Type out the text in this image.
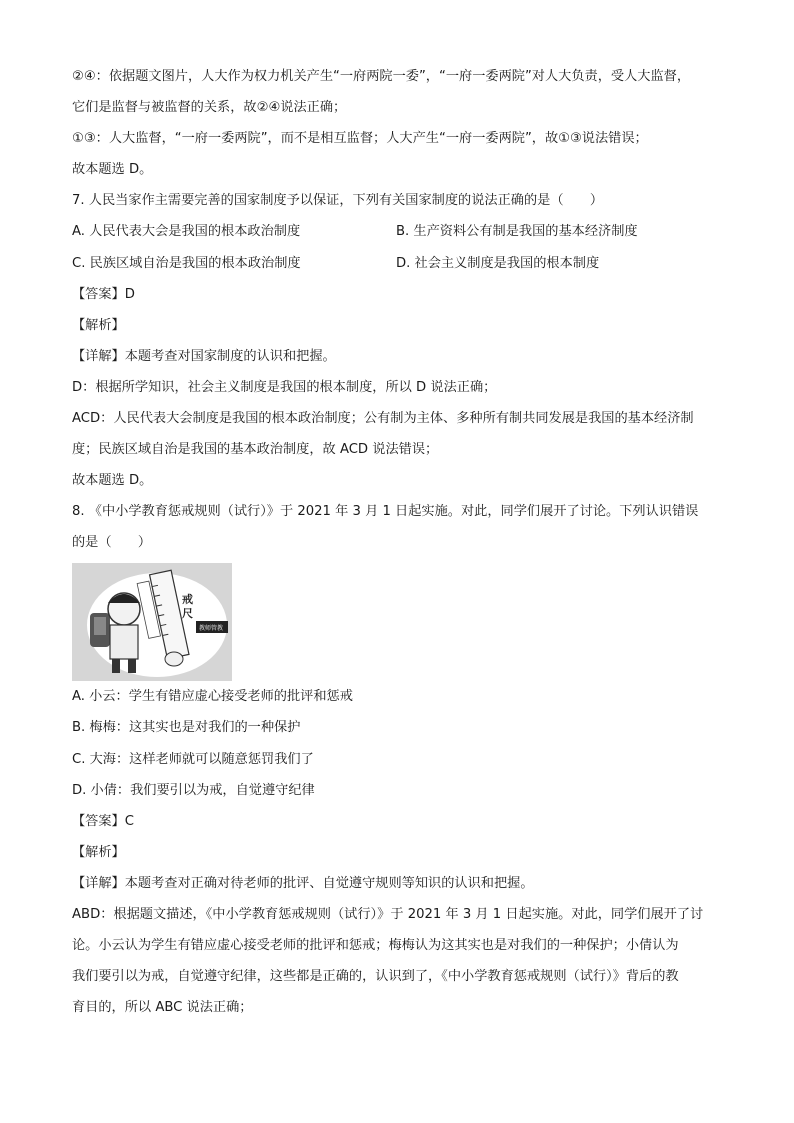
②④：依据题文图片，人大作为权力机关产生“一府两院一委”，“一府一委两院”对人大负责，受人大监督，
它们是监督与被监督的关系，故②④说法正确；
①③：人大监督，“一府一委两院”，而不是相互监督；人大产生“一府一委两院”，故①③说法错误；
故本题选 D。
7. 人民当家作主需要完善的国家制度予以保证，下列有关国家制度的说法正确的是（　　）
A. 人民代表大会是我国的根本政治制度	B. 生产资料公有制是我国的基本经济制度
C. 民族区域自治是我国的根本政治制度	D. 社会主义制度是我国的根本制度
【答案】D
【解析】
【详解】本题考查对国家制度的认识和把握。
D：根据所学知识，社会主义制度是我国的根本制度，所以 D 说法正确；
ACD：人民代表大会制度是我国的根本政治制度；公有制为主体、多种所有制共同发展是我国的基本经济制
度；民族区域自治是我国的基本政治制度，故 ACD 说法错误；
故本题选 D。
8. 《中小学教育惩戒规则（试行）》于 2021 年 3 月 1 日起实施。对此，同学们展开了讨论。下列认识错误
的是（　　）
戒
尺
教师管教
A. 小云：学生有错应虚心接受老师的批评和惩戒
B. 梅梅：这其实也是对我们的一种保护
C. 大海：这样老师就可以随意惩罚我们了
D. 小倩：我们要引以为戒，自觉遵守纪律
【答案】C
【解析】
【详解】本题考查对正确对待老师的批评、自觉遵守规则等知识的认识和把握。
ABD：根据题文描述，《中小学教育惩戒规则（试行）》于 2021 年 3 月 1 日起实施。对此，同学们展开了讨
论。小云认为学生有错应虚心接受老师的批评和惩戒；梅梅认为这其实也是对我们的一种保护；小倩认为
我们要引以为戒，自觉遵守纪律，这些都是正确的，认识到了，《中小学教育惩戒规则（试行）》背后的教
育目的，所以 ABC 说法正确；
